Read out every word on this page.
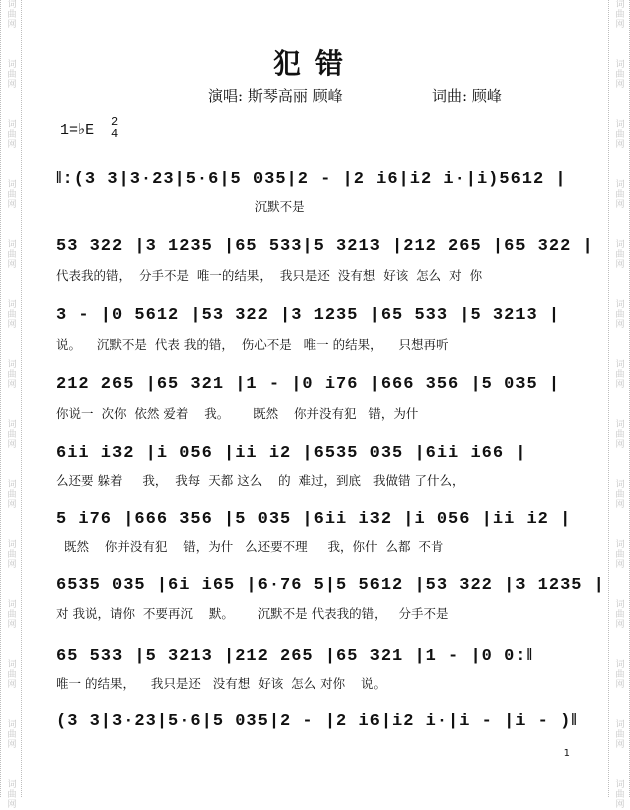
词
曲
网
词
曲
网
词
曲
网
词
曲
网
词
曲
网
词
曲
网
词
曲
网
词
曲
网
词
曲
网
词
曲
网
词
曲
网
词
曲
网
词
曲
网
词
曲
网
词
曲
网
词
曲
网
词
曲
网
词
曲
网
词
曲
网
词
曲
网
词
曲
网
词
曲
网
词
曲
网
词
曲
网
词
曲
网
词
曲
网
词
曲
网
词
曲
网
犯错
演唱: 斯琴高丽 顾峰	词曲: 顾峰
1=♭E 2
4
‖:(3 3|3·23|5·6|5 035|2 - |2 i6|i2 i·|i)5612 |
沉默不是
53 322 |3 1235 |65 533|5 3213 |212 265 |65 322 |
代表我的错，  分手不是  唯一的结果，  我只是还  没有想  好该  怎么  对  你
3 - |0 5612 |53 322 |3 1235 |65 533 |5 3213 |
说。    沉默不是  代表 我的错，  伤心不是   唯一 的结果，    只想再听
212 265 |65 321 |1 - |0 i76 |666 356 |5 035 |
你说一  次你  依然 爱着    我。      既然    你并没有犯   错，为什
6ii i32 |i 056 |ii i2 |6535 035 |6ii i66 |
么还要 躲着     我，  我每  天都 这么    的  难过，到底   我做错 了什么，
5 i76 |666 356 |5 035 |6ii i32 |i 056 |ii i2 |
既然    你并没有犯    错，为什   么还要不理     我，你什  么都  不肯
6535 035 |6i i65 |6·76 5|5 5612 |53 322 |3 1235 |
对 我说，请你  不要再沉    默。      沉默不是 代表我的错，   分手不是
65 533 |5 3213 |212 265 |65 321 |1 - |0 0:‖
唯一 的结果，    我只是还   没有想  好该  怎么 对你    说。
(3 3|3·23|5·6|5 035|2 - |2 i6|i2 i·|i - |i - )‖
1
